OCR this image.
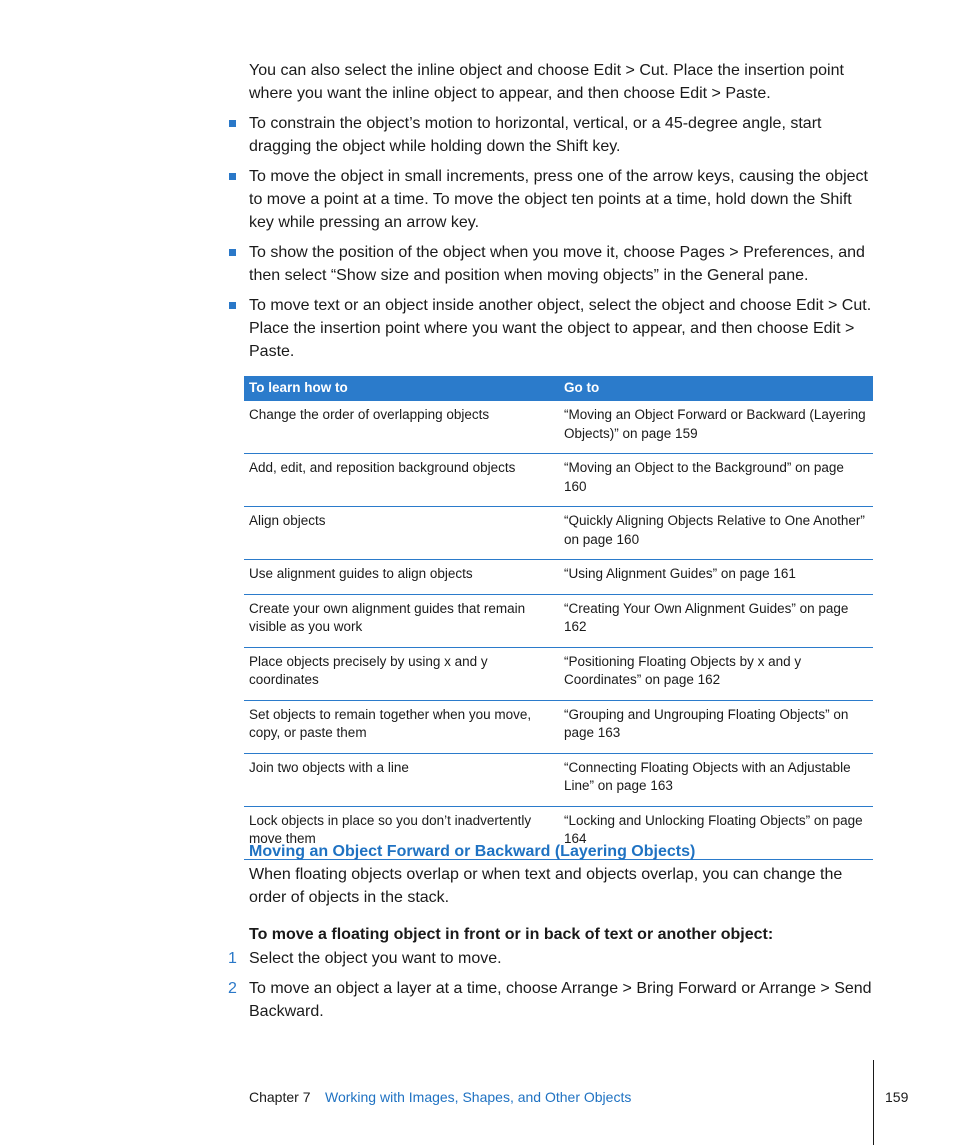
You can also select the inline object and choose Edit > Cut. Place the insertion point where you want the inline object to appear, and then choose Edit > Paste.

To constrain the object’s motion to horizontal, vertical, or a 45-degree angle, start dragging the object while holding down the Shift key.
To move the object in small increments, press one of the arrow keys, causing the object to move a point at a time. To move the object ten points at a time, hold down the Shift key while pressing an arrow key.
To show the position of the object when you move it, choose Pages > Preferences, and then select “Show size and position when moving objects” in the General pane.
To move text or an object inside another object, select the object and choose Edit > Cut. Place the insertion point where you want the object to appear, and then choose Edit > Paste.
To learn how to	Go to
Change the order of overlapping objects	“Moving an Object Forward or Backward (Layering Objects)” on page 159
Add, edit, and reposition background objects	“Moving an Object to the Background” on page 160
Align objects	“Quickly Aligning Objects Relative to One Another” on page 160
Use alignment guides to align objects	“Using Alignment Guides” on page 161
Create your own alignment guides that remain visible as you work	“Creating Your Own Alignment Guides” on page 162
Place objects precisely by using x and y coordinates	“Positioning Floating Objects by x and y Coordinates” on page 162
Set objects to remain together when you move, copy, or paste them	“Grouping and Ungrouping Floating Objects” on page 163
Join two objects with a line	“Connecting Floating Objects with an Adjustable Line” on page 163
Lock objects in place so you don’t inadvertently move them	“Locking and Unlocking Floating Objects” on page 164
Moving an Object Forward or Backward (Layering Objects)

When floating objects overlap or when text and objects overlap, you can change the order of objects in the stack.

To move a floating object in front or in back of text or another object:
1 Select the object you want to move.
2 To move an object a layer at a time, choose Arrange > Bring Forward or Arrange > Send Backward.
Chapter 7 Working with Images, Shapes, and Other Objects	159
